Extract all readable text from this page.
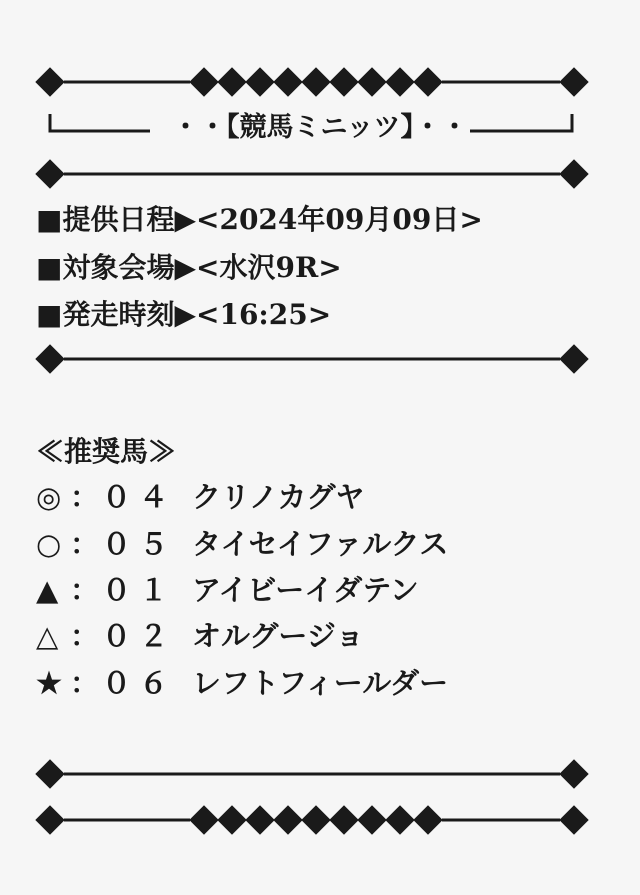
・・【競馬ミニッツ】・・
■提供日程▶<2024年09月09日>
■対象会場▶<水沢9R>
■発走時刻▶<16:25>
≪推奨馬≫
◎ ： ０４ クリノカグヤ
○ ： ０５ タイセイファルクス
▲ ： ０１ アイビーイダテン
△ ： ０２ オルグージョ
★ ： ０６ レフトフィールダー
